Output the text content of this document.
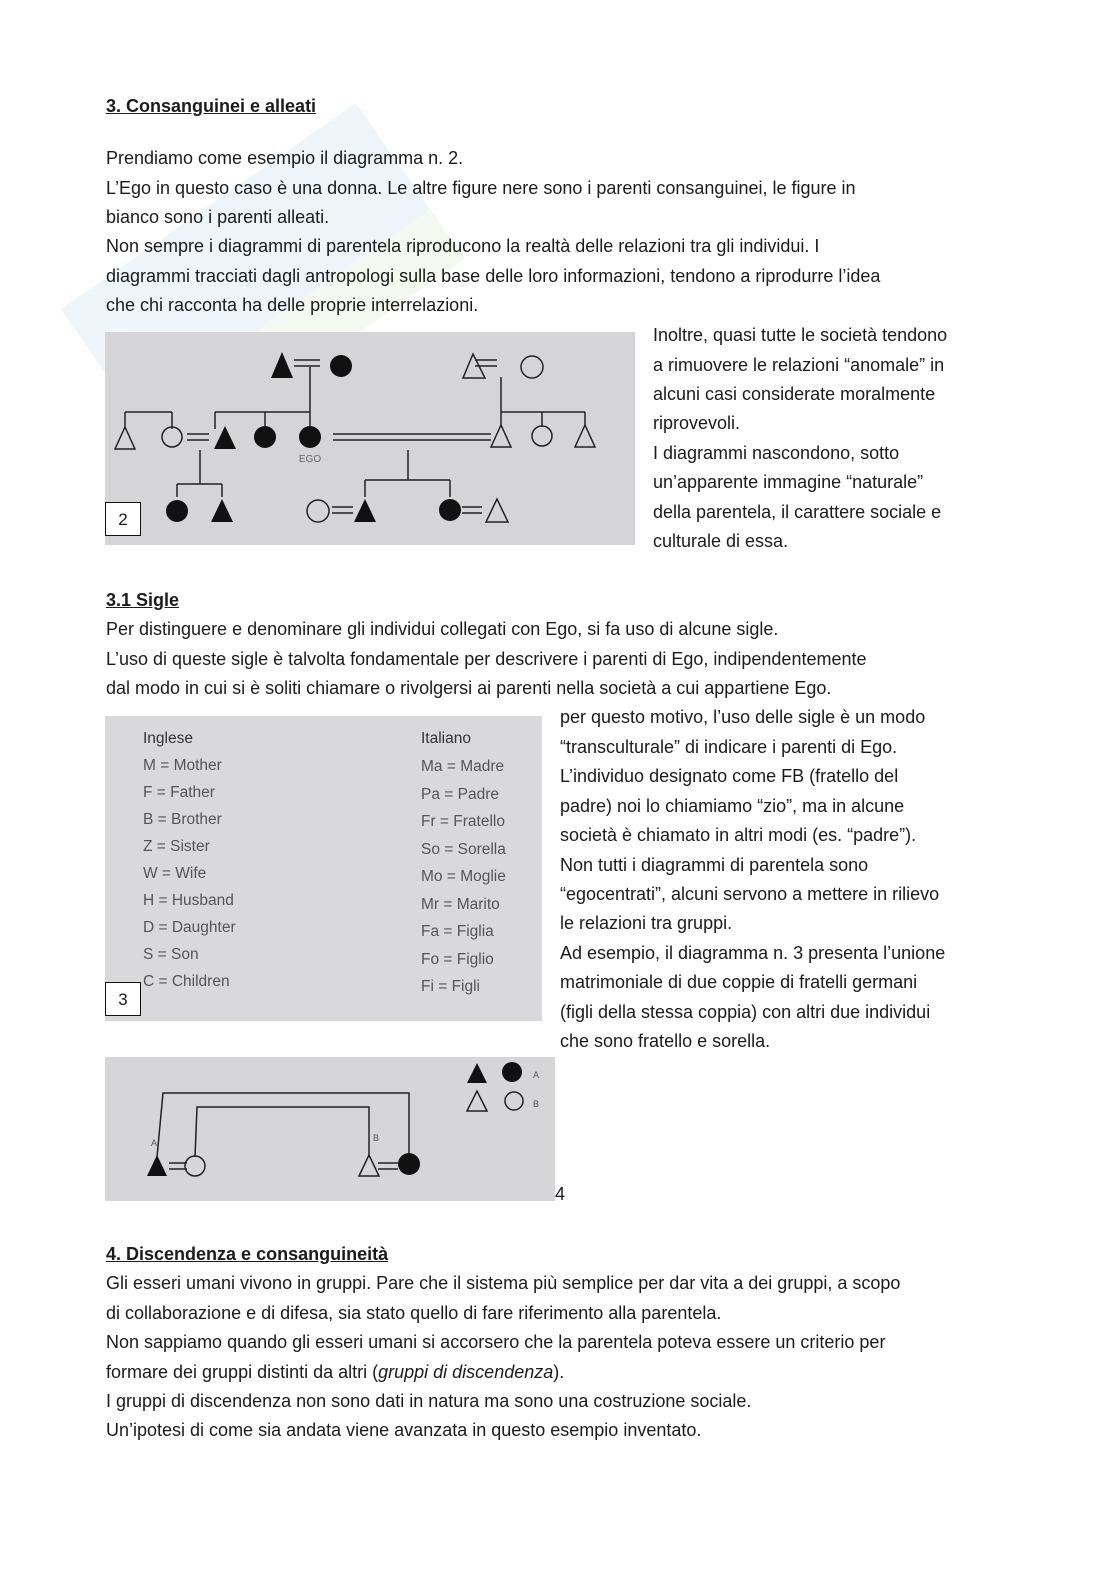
3. Consanguinei e alleati
Prendiamo come esempio il diagramma n. 2.
L’Ego in questo caso è una donna. Le altre figure nere sono i parenti consanguinei, le figure in
bianco sono i parenti alleati.
Non sempre i diagrammi di parentela riproducono la realtà delle relazioni tra gli individui. I
diagrammi tracciati dagli antropologi sulla base delle loro informazioni, tendono a riprodurre l’idea
che chi racconta ha delle proprie interrelazioni.
EGO
2
Inoltre, quasi tutte le società tendono
a rimuovere le relazioni “anomale” in
alcuni casi considerate moralmente
riprovevoli.
I diagrammi nascondono, sotto
un’apparente immagine “naturale”
della parentela, il carattere sociale e
culturale di essa.
3.1 Sigle
Per distinguere e denominare gli individui collegati con Ego, si fa uso di alcune sigle.
L’uso di queste sigle è talvolta fondamentale per descrivere i parenti di Ego, indipendentemente
dal modo in cui si è soliti chiamare o rivolgersi ai parenti nella società a cui appartiene Ego.
Inglese	Italiano
M = Mother
F = Father
B = Brother
Z = Sister
W = Wife
H = Husband
D = Daughter
S = Son
C = Children
Ma = Madre
Pa = Padre
Fr = Fratello
So = Sorella
Mo = Moglie
Mr = Marito
Fa = Figlia
Fo = Figlio
Fi = Figli
3
per questo motivo, l’uso delle sigle è un modo
“transculturale” di indicare i parenti di Ego.
L’individuo designato come FB (fratello del
padre) noi lo chiamiamo “zio”, ma in alcune
società è chiamato in altri modi (es. “padre”).
Non tutti i diagrammi di parentela sono
“egocentrati”, alcuni servono a mettere in rilievo
le relazioni tra gruppi.
Ad esempio, il diagramma n. 3 presenta l’unione
matrimoniale di due coppie di fratelli germani
(figli della stessa coppia) con altri due individui
che sono fratello e sorella.
A	B
A
B
4
4. Discendenza e consanguineità
Gli esseri umani vivono in gruppi. Pare che il sistema più semplice per dar vita a dei gruppi, a scopo
di collaborazione e di difesa, sia stato quello di fare riferimento alla parentela.
Non sappiamo quando gli esseri umani si accorsero che la parentela poteva essere un criterio per
formare dei gruppi distinti da altri (gruppi di discendenza).
I gruppi di discendenza non sono dati in natura ma sono una costruzione sociale.
Un’ipotesi di come sia andata viene avanzata in questo esempio inventato.
